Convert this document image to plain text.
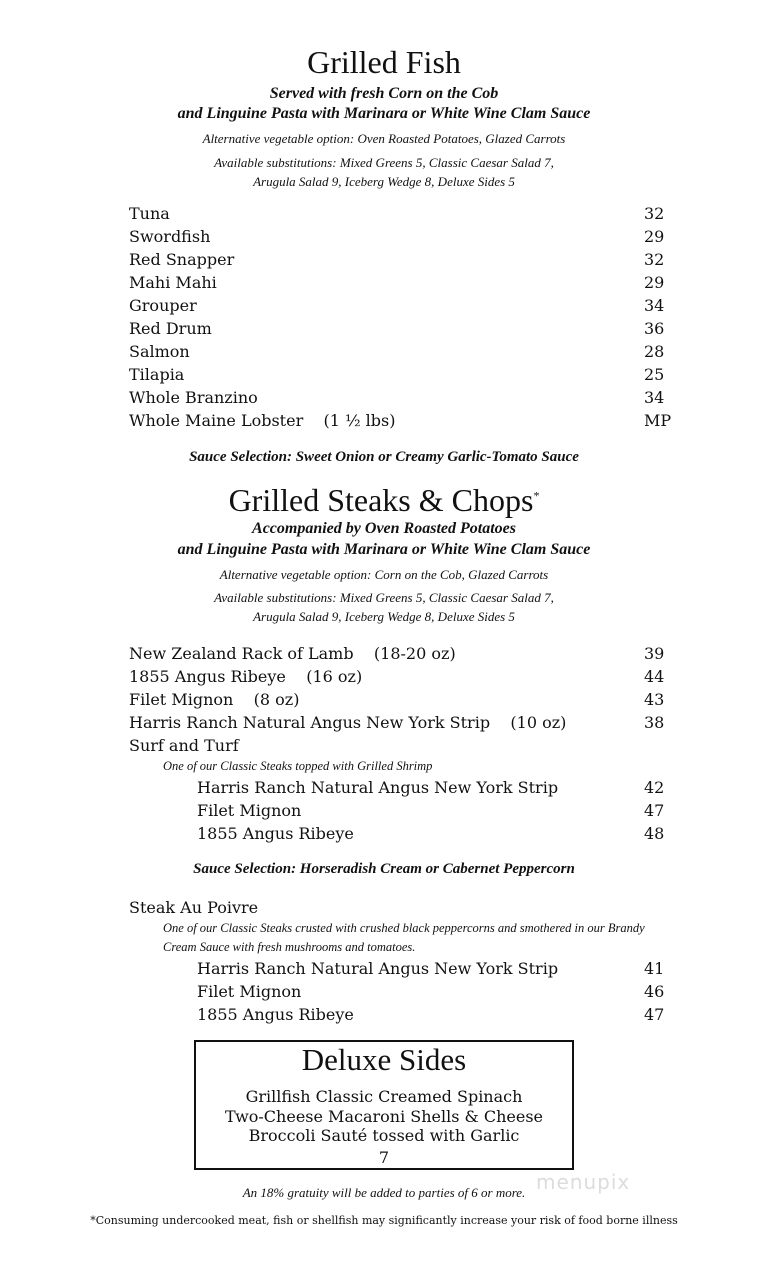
Grilled Fish
Served with fresh Corn on the Cob
and Linguine Pasta with Marinara or White Wine Clam Sauce
Alternative vegetable option: Oven Roasted Potatoes, Glazed Carrots
Available substitutions: Mixed Greens 5, Classic Caesar Salad 7,
Arugula Salad 9, Iceberg Wedge 8, Deluxe Sides 5
Tuna	32
Swordfish	29
Red Snapper	32
Mahi Mahi	29
Grouper	34
Red Drum	36
Salmon	28
Tilapia	25
Whole Branzino	34
Whole Maine Lobster    (1 ½ lbs)	MP
Sauce Selection: Sweet Onion or Creamy Garlic-Tomato Sauce
Grilled Steaks & Chops*
Accompanied by Oven Roasted Potatoes
and Linguine Pasta with Marinara or White Wine Clam Sauce
Alternative vegetable option: Corn on the Cob, Glazed Carrots
Available substitutions: Mixed Greens 5, Classic Caesar Salad 7,
Arugula Salad 9, Iceberg Wedge 8, Deluxe Sides 5
New Zealand Rack of Lamb    (18-20 oz)	39
1855 Angus Ribeye    (16 oz)	44
Filet Mignon    (8 oz)	43
Harris Ranch Natural Angus New York Strip    (10 oz)	38
Surf and Turf
One of our Classic Steaks topped with Grilled Shrimp
Harris Ranch Natural Angus New York Strip	42
Filet Mignon	47
1855 Angus Ribeye	48
Sauce Selection: Horseradish Cream or Cabernet Peppercorn
Steak Au Poivre
One of our Classic Steaks crusted with crushed black peppercorns and smothered in our Brandy
Cream Sauce with fresh mushrooms and tomatoes.
Harris Ranch Natural Angus New York Strip	41
Filet Mignon	46
1855 Angus Ribeye	47
Deluxe Sides
Grillfish Classic Creamed Spinach
Two-Cheese Macaroni Shells & Cheese
Broccoli Sauté tossed with Garlic
7
menupix
An 18% gratuity will be added to parties of 6 or more.
*Consuming undercooked meat, fish or shellfish may significantly increase your risk of food borne illness
